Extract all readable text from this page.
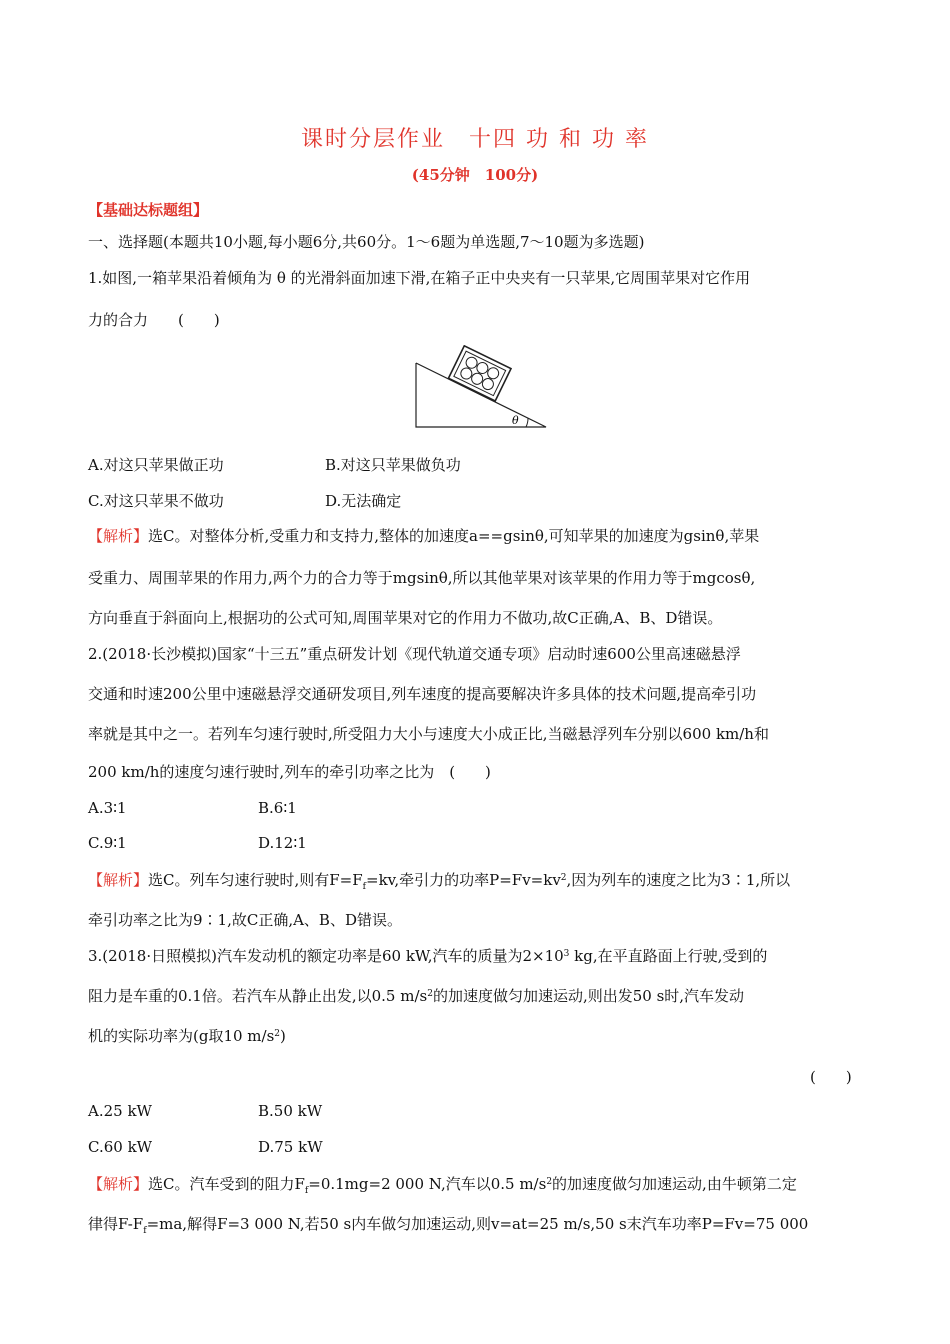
课时分层作业　十四 功 和 功 率
(45分钟　100分)
【基础达标题组】
一、选择题(本题共10小题,每小题6分,共60分。1～6题为单选题,7～10题为多选题)
1.如图,一箱苹果沿着倾角为 θ 的光滑斜面加速下滑,在箱子正中央夹有一只苹果,它周围苹果对它作用
力的合力　　(　　)
θ
A.对这只苹果做正功	B.对这只苹果做负功
C.对这只苹果不做功	D.无法确定
【解析】选C。对整体分析,受重力和支持力,整体的加速度a==gsinθ,可知苹果的加速度为gsinθ,苹果
受重力、周围苹果的作用力,两个力的合力等于mgsinθ,所以其他苹果对该苹果的作用力等于mgcosθ,
方向垂直于斜面向上,根据功的公式可知,周围苹果对它的作用力不做功,故C正确,A、B、D错误。
2.(2018·长沙模拟)国家“十三五”重点研发计划《现代轨道交通专项》启动时速600公里高速磁悬浮
交通和时速200公里中速磁悬浮交通研发项目,列车速度的提高要解决许多具体的技术问题,提高牵引功
率就是其中之一。若列车匀速行驶时,所受阻力大小与速度大小成正比,当磁悬浮列车分别以600 km/h和
200 km/h的速度匀速行驶时,列车的牵引功率之比为　(　　)
A.3∶1	B.6∶1
C.9∶1	D.12∶1
【解析】选C。列车匀速行驶时,则有$F=F_f=kv$,牵引力的功率$P=Fv=kv^2$,因为列车的速度之比为3∶1,所以
牵引功率之比为9∶1,故C正确,A、B、D错误。
3.(2018·日照模拟)汽车发动机的额定功率是60 kW,汽车的质量为$2\times 10^3$ kg,在平直路面上行驶,受到的
阻力是车重的0.1倍。若汽车从静止出发,以0.5 $m/s^2$的加速度做匀加速运动,则出发50 s时,汽车发动
机的实际功率为(g取10 $m/s^2$)
(　　)
A.25 kW	B.50 kW
C.60 kW	D.75 kW
【解析】选C。汽车受到的阻力$F_f=0.1mg=2$ 000 N,汽车以0.5 $m/s^2$的加速度做匀加速运动,由牛顿第二定
律得$F-F_f=ma$,解得F=3 000 N,若50 s内车做匀加速运动,则v=at=25 m/s,50 s末汽车功率P=Fv=75 000
